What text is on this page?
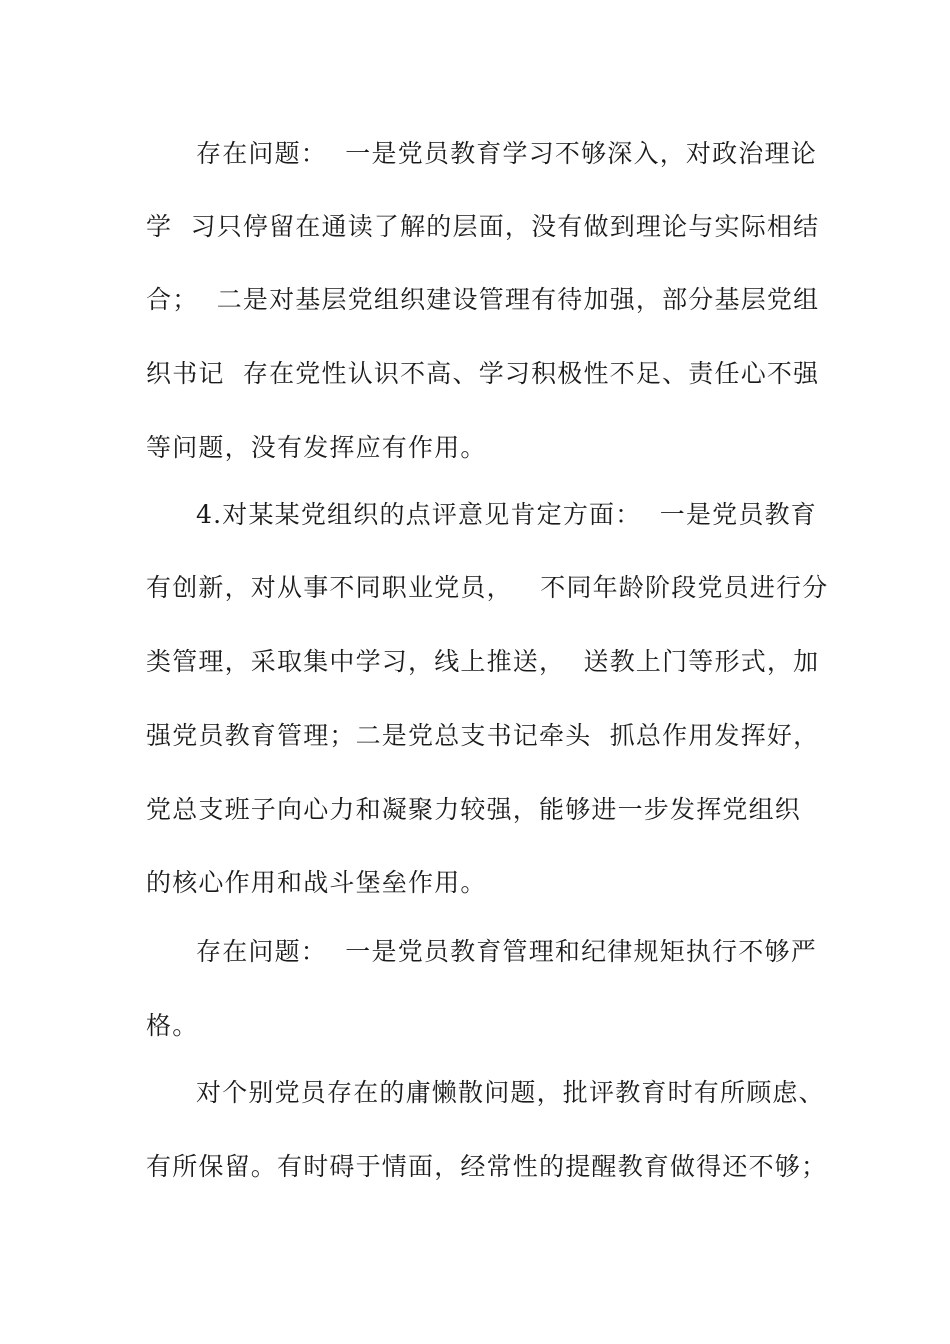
存在问题：  一是党员教育学习不够深入，对政治理论
学  习只停留在通读了解的层面，没有做到理论与实际相结
合；  二是对基层党组织建设管理有待加强，部分基层党组
织书记  存在党性认识不高、学习积极性不足、责任心不强
等问题，没有发挥应有作用。
4.对某某党组织的点评意见肯定方面：  一是党员教育
有创新，对从事不同职业党员，   不同年龄阶段党员进行分
类管理，采取集中学习，线上推送，  送教上门等形式，加
强党员教育管理；二是党总支书记牵头  抓总作用发挥好，
党总支班子向心力和凝聚力较强，能够进一步发挥党组织
的核心作用和战斗堡垒作用。
存在问题：  一是党员教育管理和纪律规矩执行不够严
格。
对个别党员存在的庸懒散问题，批评教育时有所顾虑、
有所保留。有时碍于情面，经常性的提醒教育做得还不够；
